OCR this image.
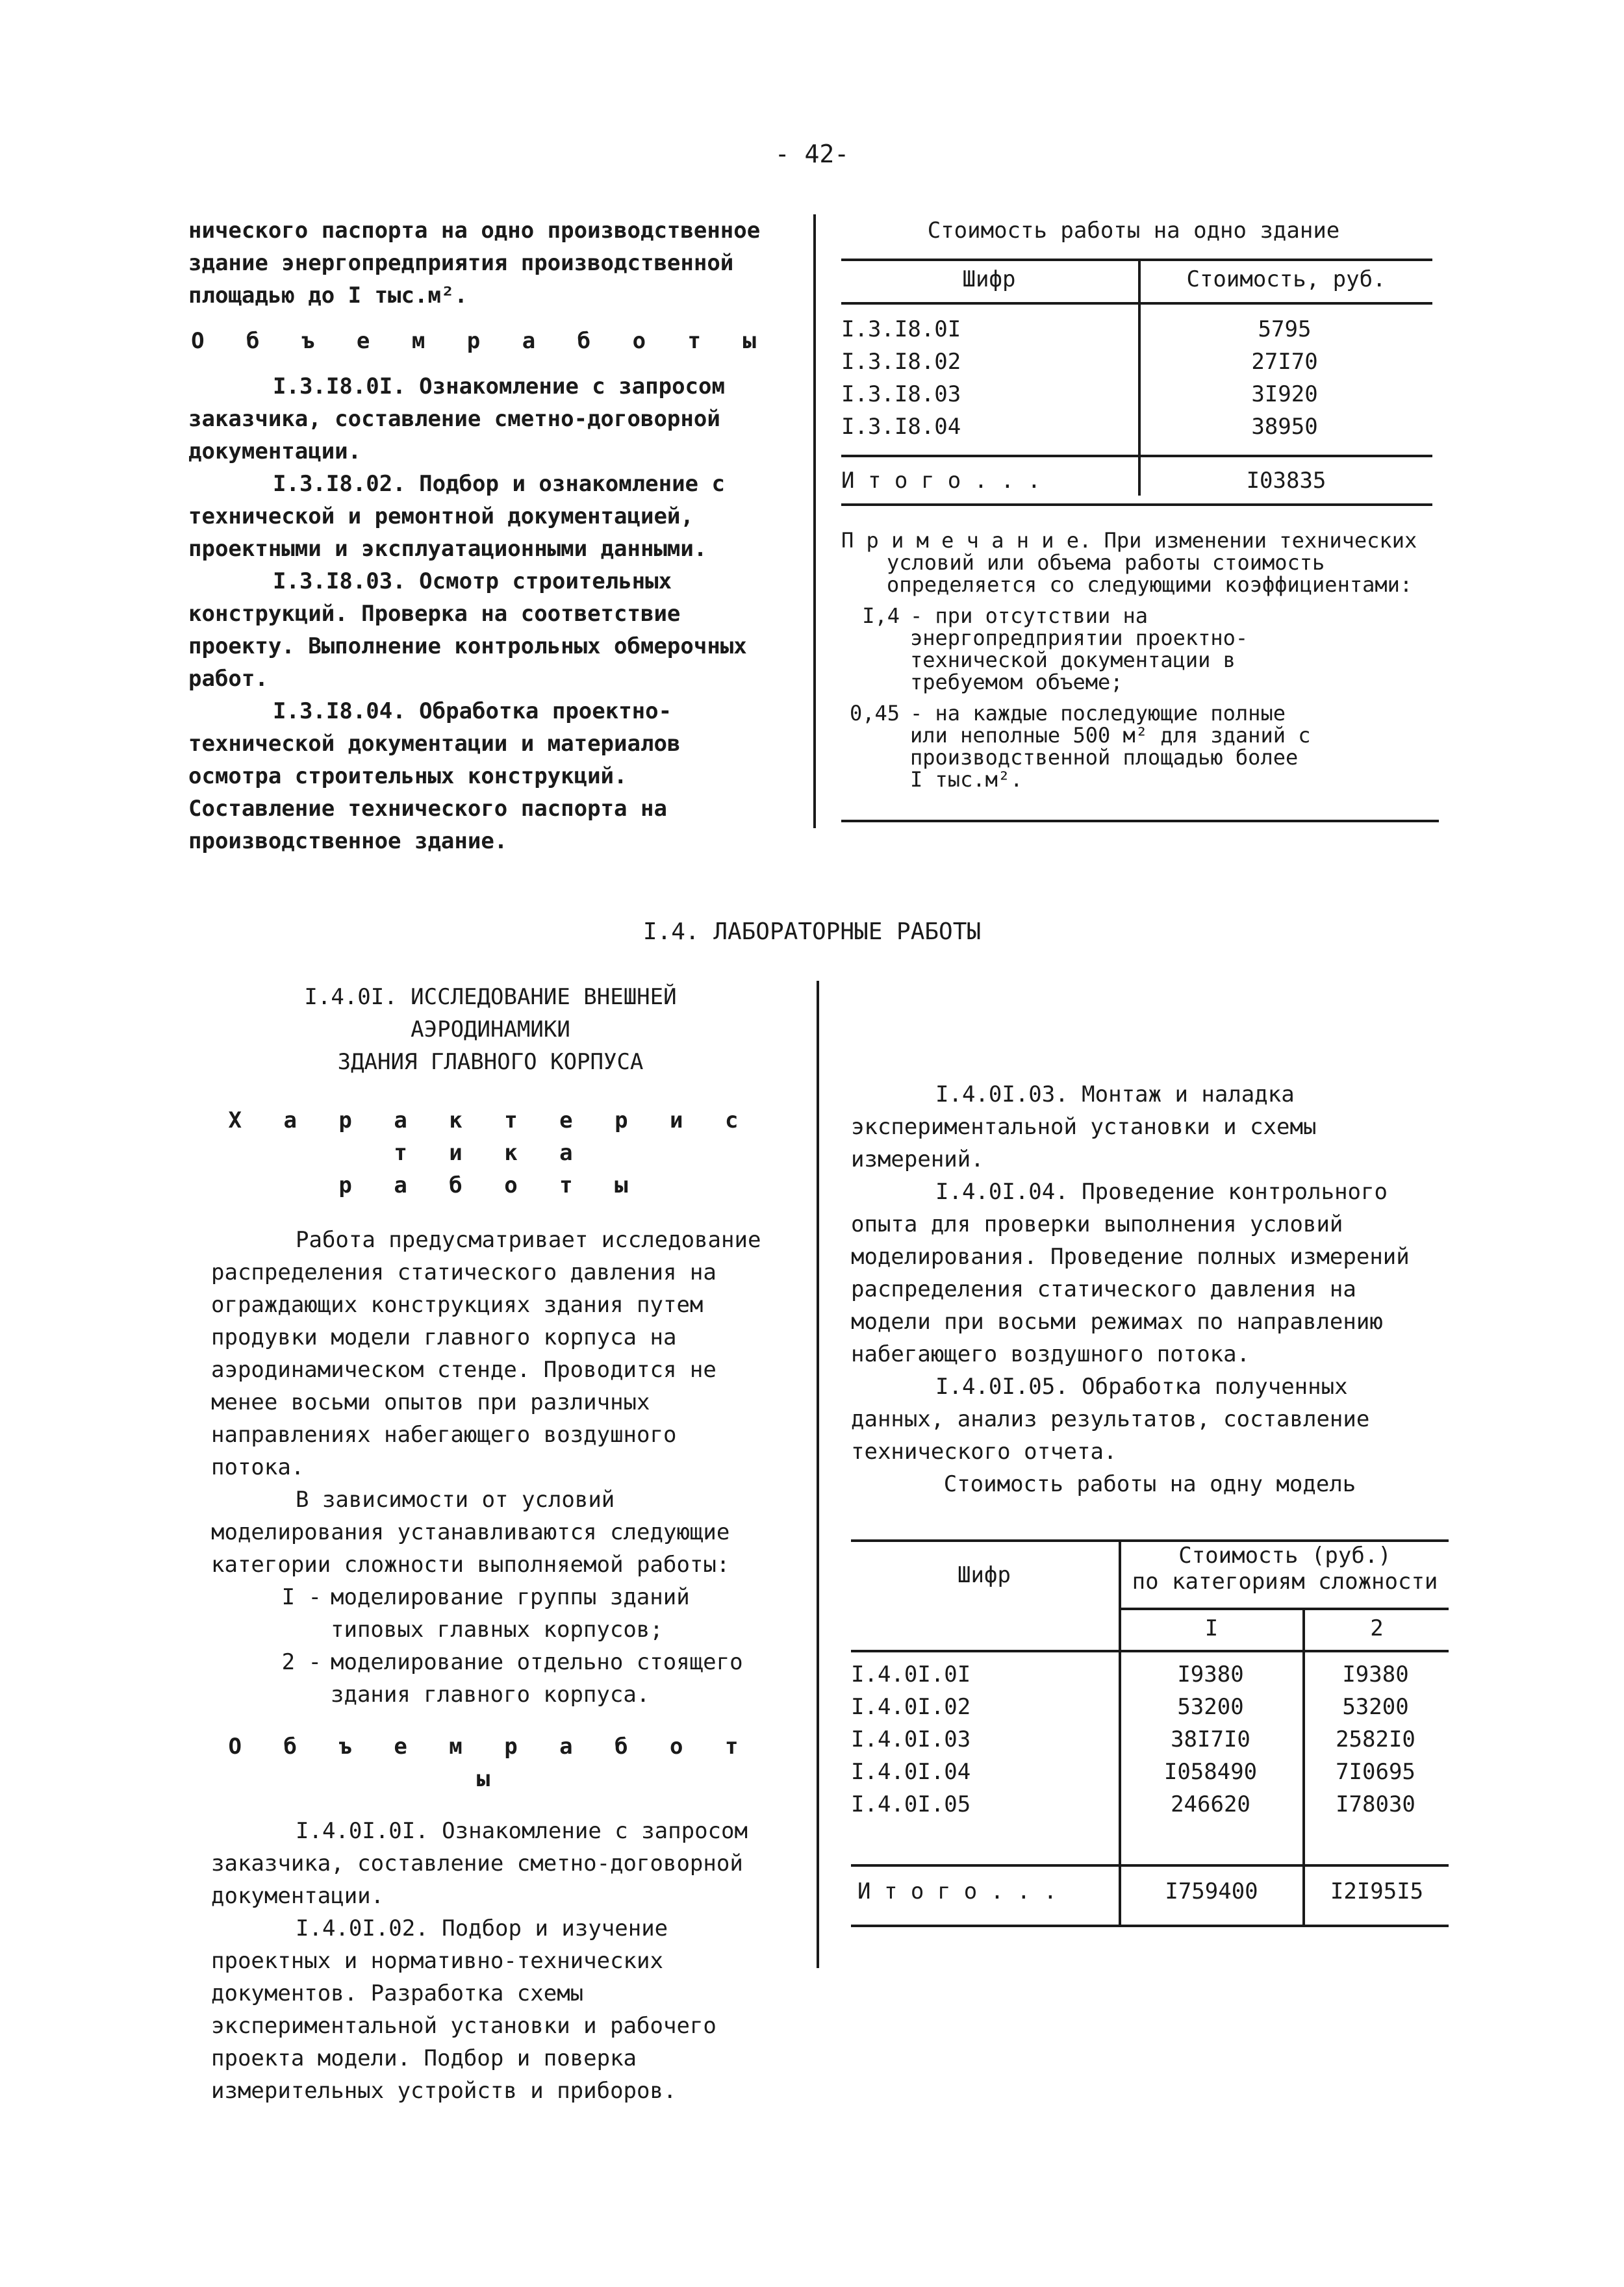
- 42-

нического паспорта на одно производственное здание энергопредприятия производственной площадью до I тыс.м².

О б ъ е м р а б о т ы

I.3.I8.0I. Ознакомление с запросом заказчика, составление сметно-договорной документации.

I.3.I8.02. Подбор и ознакомление с технической и ремонтной документацией, проектными и эксплуатационными данными.

I.3.I8.03. Осмотр строительных конструкций. Проверка на соответствие проекту. Выполнение контрольных обмерочных работ.

I.3.I8.04. Обработка проектно-технической документации и материалов осмотра строительных конструкций. Составление технического паспорта на производственное здание.

Стоимость работы на одно здание
Шифр	Стоимость, руб.
I.3.I8.0I	5795
I.3.I8.02	27I70
I.3.I8.03	3I920
I.3.I8.04	38950
И т о г о . . .	I03835

П р и м е ч а н и е. При изменении технических условий или объема работы стоимость определяется со следующими коэффициентами:

I,4 - при отсутствии на энергопредприятии проектно-технической документации в требуемом объеме;
0,45 - на каждые последующие полные или неполные 500 м² для зданий с производственной площадью более I тыс.м².
I.4. ЛАБОРАТОРНЫЕ РАБОТЫ

I.4.0I. ИССЛЕДОВАНИЕ ВНЕШНЕЙ

АЭРОДИНАМИКИ

ЗДАНИЯ ГЛАВНОГО КОРПУСА

Х а р а к т е р и с т и к а

р а б о т ы

Работа предусматривает исследование распределения статического давления на ограждающих конструкциях здания путем продувки модели главного корпуса на аэродинамическом стенде. Проводится не менее восьми опытов при различных направлениях набегающего воздушного потока.

В зависимости от условий моделирования устанавливаются следующие категории сложности выполняемой работы:

I - моделирование группы зданий типовых главных корпусов;
2 - моделирование отдельно стоящего здания главного корпуса.

О б ъ е м р а б о т ы

I.4.0I.0I. Ознакомление с запросом заказчика, составление сметно-договорной документации.

I.4.0I.02. Подбор и изучение проектных и нормативно-технических документов. Разработка схемы экспериментальной установки и рабочего проекта модели. Подбор и поверка измерительных устройств и приборов.

I.4.0I.03. Монтаж и наладка экспериментальной установки и схемы измерений.

I.4.0I.04. Проведение контрольного опыта для проверки выполнения условий моделирования. Проведение полных измерений распределения статического давления на модели при восьми режимах по направлению набегающего воздушного потока.

I.4.0I.05. Обработка полученных данных, анализ результатов, составление технического отчета.

Стоимость работы на одну модель
Шифр
Стоимость (руб.)
по категориям сложности
I	2
I.4.0I.0I	I9380	I9380
I.4.0I.02	53200	53200
I.4.0I.03	38I7I0	2582I0
I.4.0I.04	I058490	7I0695
I.4.0I.05	246620	I78030
И т о г о . . .	I759400	I2I95I5
